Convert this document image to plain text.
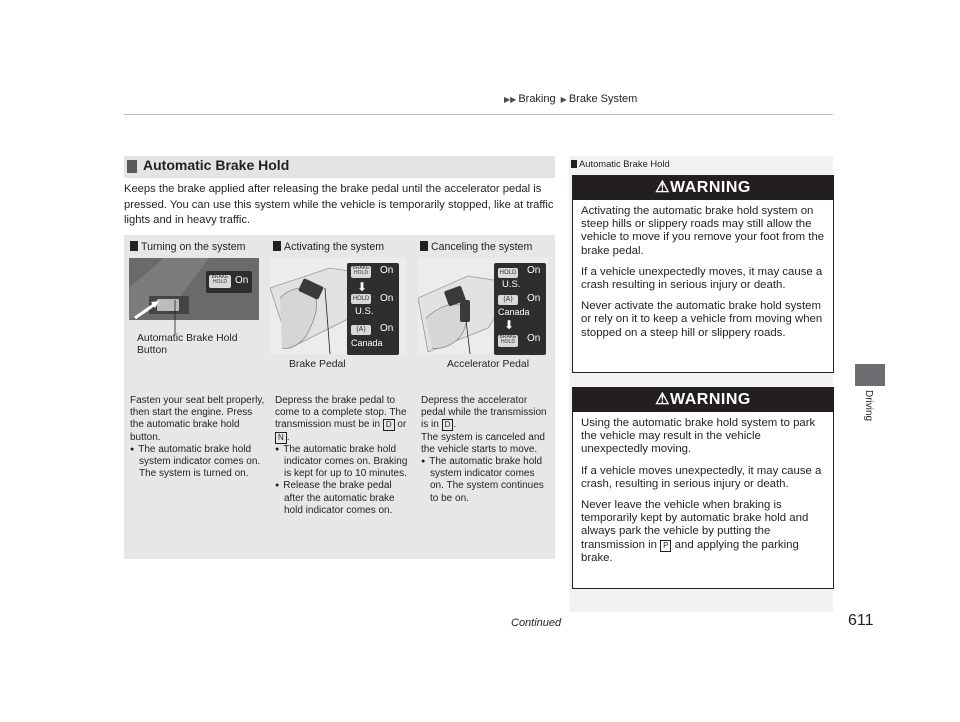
▶▶ Braking ▶ Brake System
Driving
Automatic Brake Hold
Keeps the brake applied after releasing the brake pedal until the accelerator pedal is pressed. You can use this system while the vehicle is temporarily stopped, like at traffic lights and in heavy traffic.
Turning on the system	Activating the system	Canceling the system
BRAKE
HOLD On
Automatic Brake Hold Button
BRAKE
HOLD	On
⬇
HOLD On
U.S.
(A)	On
Canada
Brake Pedal
HOLD On
U.S.
(A)	On
Canada
⬇
BRAKE
HOLD	On
Accelerator Pedal
Fasten your seat belt properly, then start the engine. Press the automatic brake hold button.
● The automatic brake hold system indicator comes on. The system is turned on.
Depress the brake pedal to come to a complete stop. The transmission must be in D or N .
● The automatic brake hold indicator comes on. Braking is kept for up to 10 minutes.
● Release the brake pedal after the automatic brake hold indicator comes on.
Depress the accelerator pedal while the transmission is in D .
The system is canceled and the vehicle starts to move.
● The automatic brake hold system indicator comes on. The system continues to be on.
Automatic Brake Hold
⚠WARNING

Activating the automatic brake hold system on steep hills or slippery roads may still allow the vehicle to move if you remove your foot from the brake pedal.

If a vehicle unexpectedly moves, it may cause a crash resulting in serious injury or death.

Never activate the automatic brake hold system or rely on it to keep a vehicle from moving when stopped on a steep hill or slippery roads.

⚠WARNING

Using the automatic brake hold system to park the vehicle may result in the vehicle unexpectedly moving.

If a vehicle moves unexpectedly, it may cause a crash, resulting in serious injury or death.

Never leave the vehicle when braking is temporarily kept by automatic brake hold and always park the vehicle by putting the transmission in P and applying the parking brake.

Continued	611
